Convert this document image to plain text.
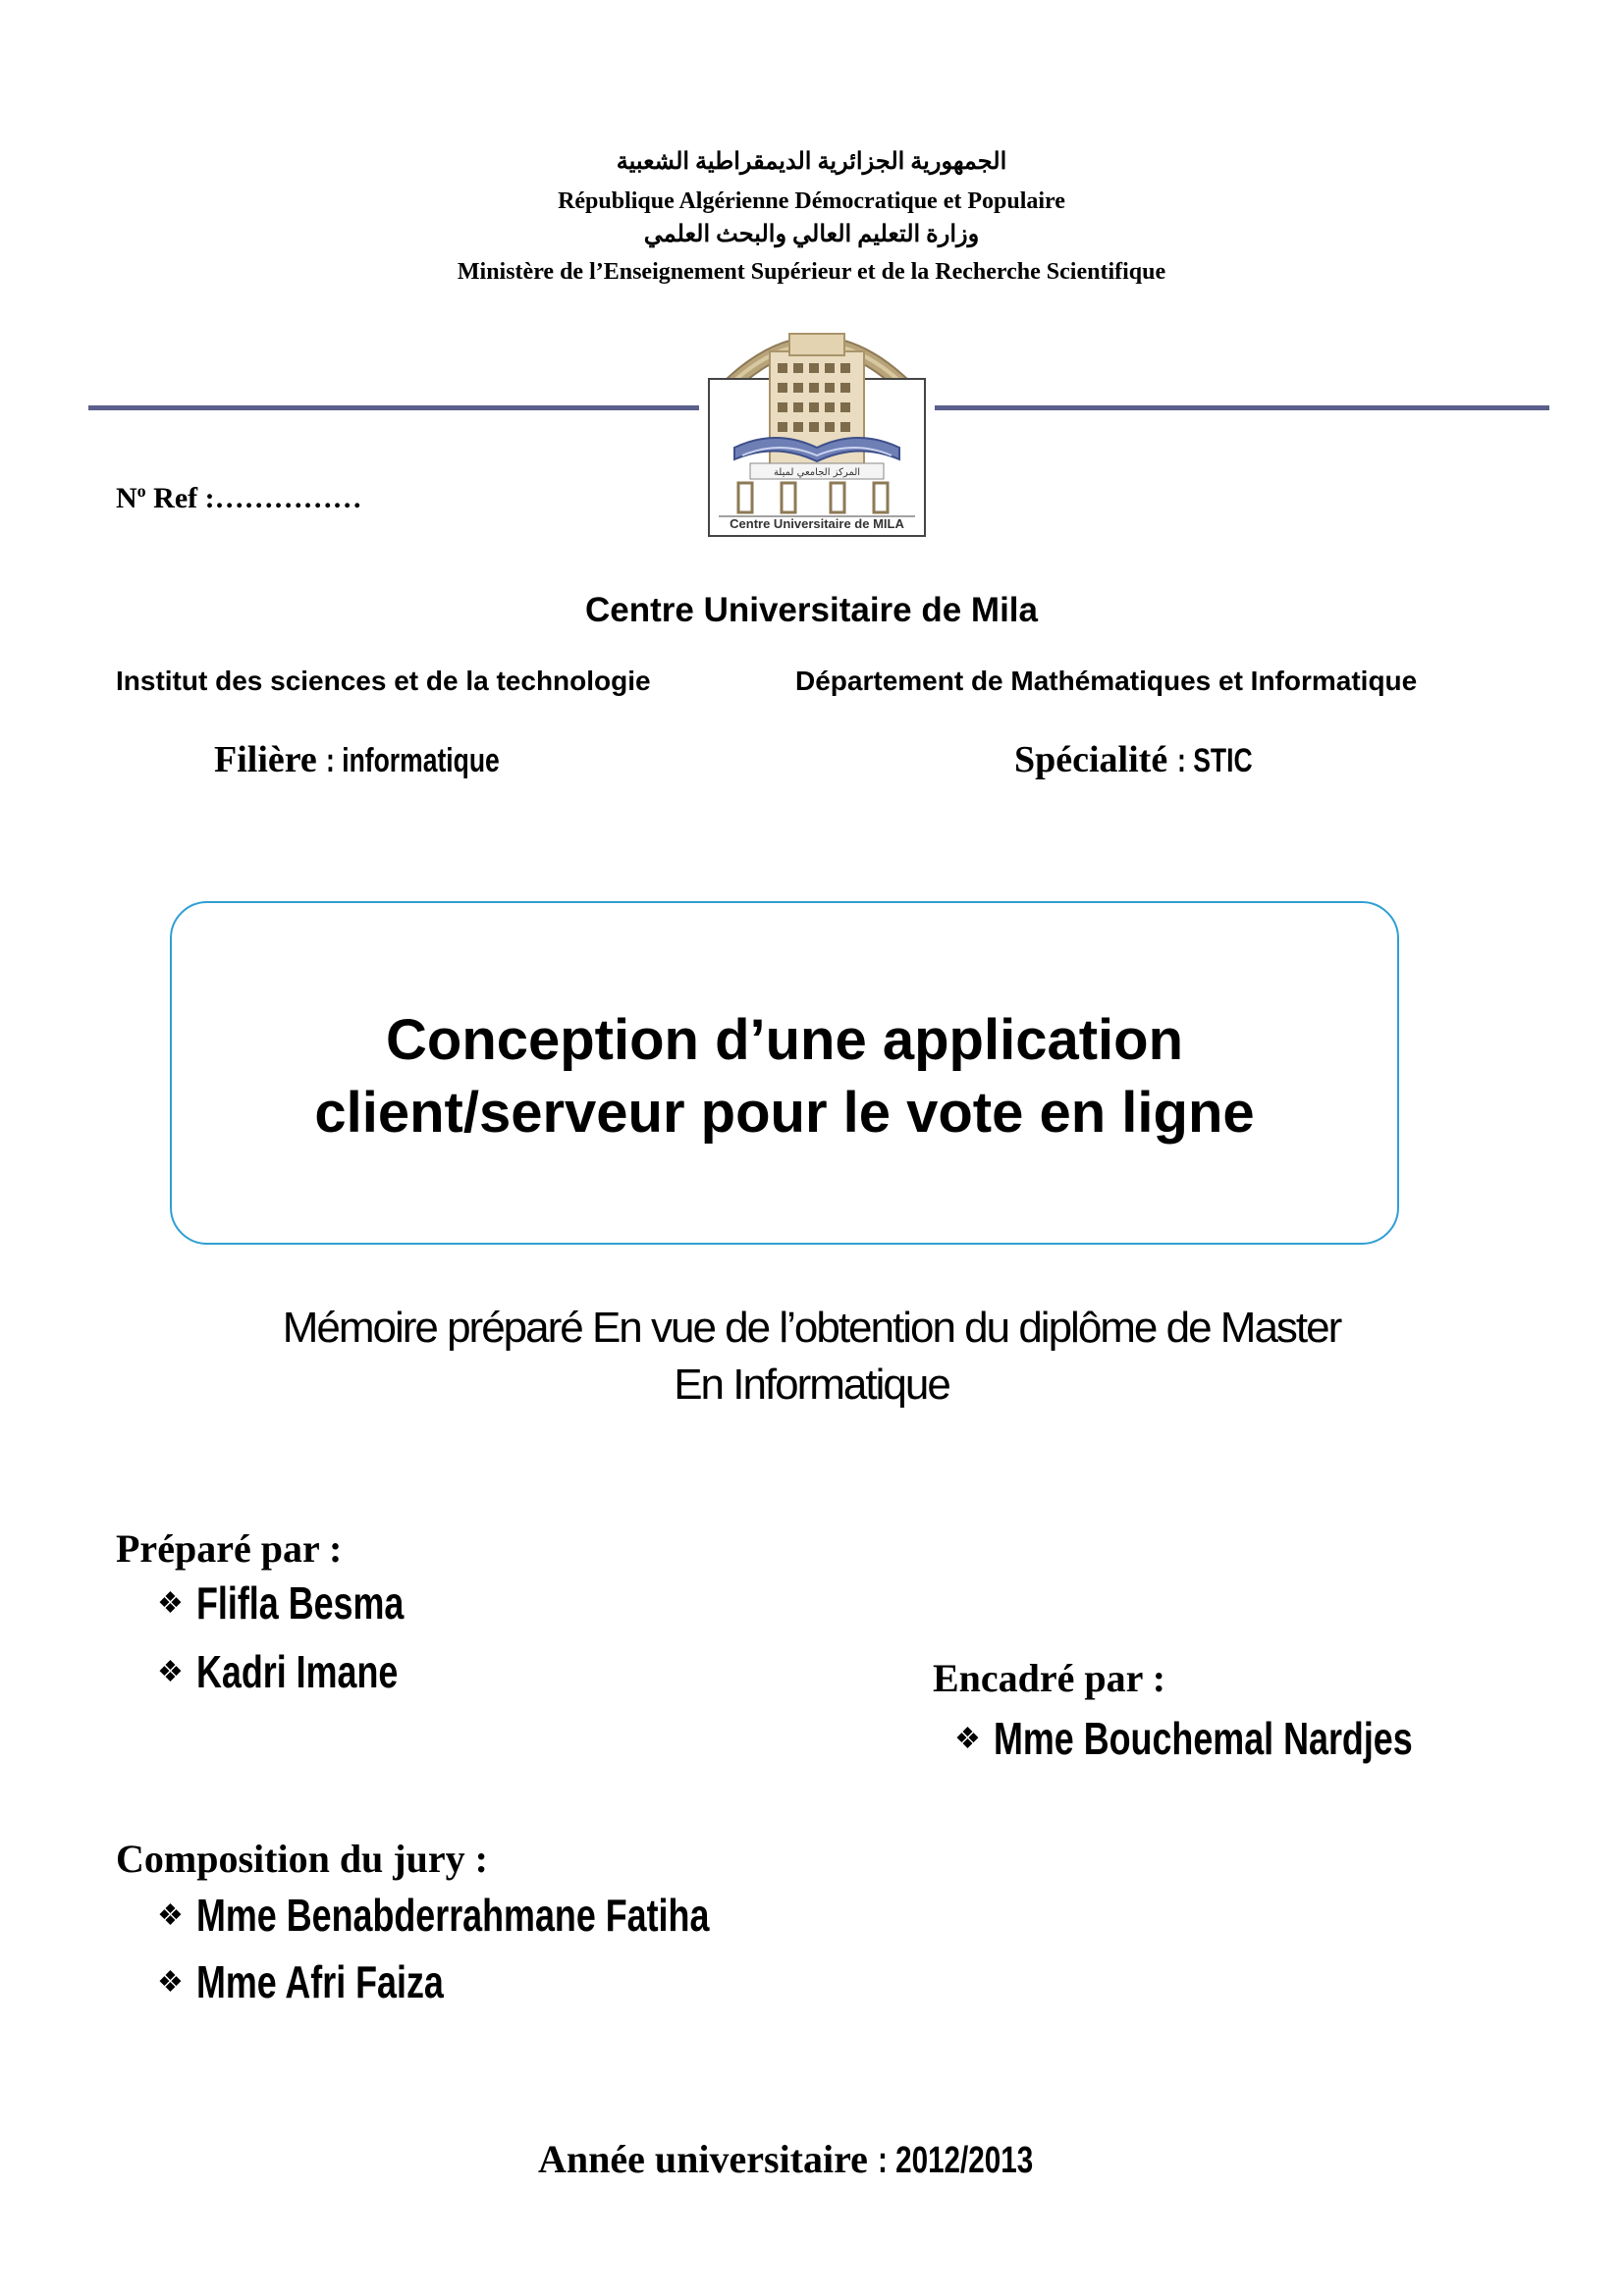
الجمهورية الجزائرية الديمقراطية الشعبية
République Algérienne Démocratique et Populaire
وزارة التعليم العالي والبحث العلمي
Ministère de l’Enseignement Supérieur et de la Recherche Scientifique
المركز الجامعي لميلة
Centre Universitaire de MILA
$N^o$ Ref :……………
Centre Universitaire de Mila
Institut des sciences et de la technologie	Département de Mathématiques et Informatique
Filière : informatique	Spécialité : STIC
Conception d’une application
client/serveur pour le vote en ligne
Mémoire préparé En vue de l’obtention du diplôme de Master
En Informatique
Préparé par :
❖ Flifla Besma
❖ Kadri Imane	Encadré par :
❖ Mme Bouchemal Nardjes
Composition du jury :
❖ Mme Benabderrahmane Fatiha
❖ Mme Afri Faiza
Année universitaire : 2012/2013
